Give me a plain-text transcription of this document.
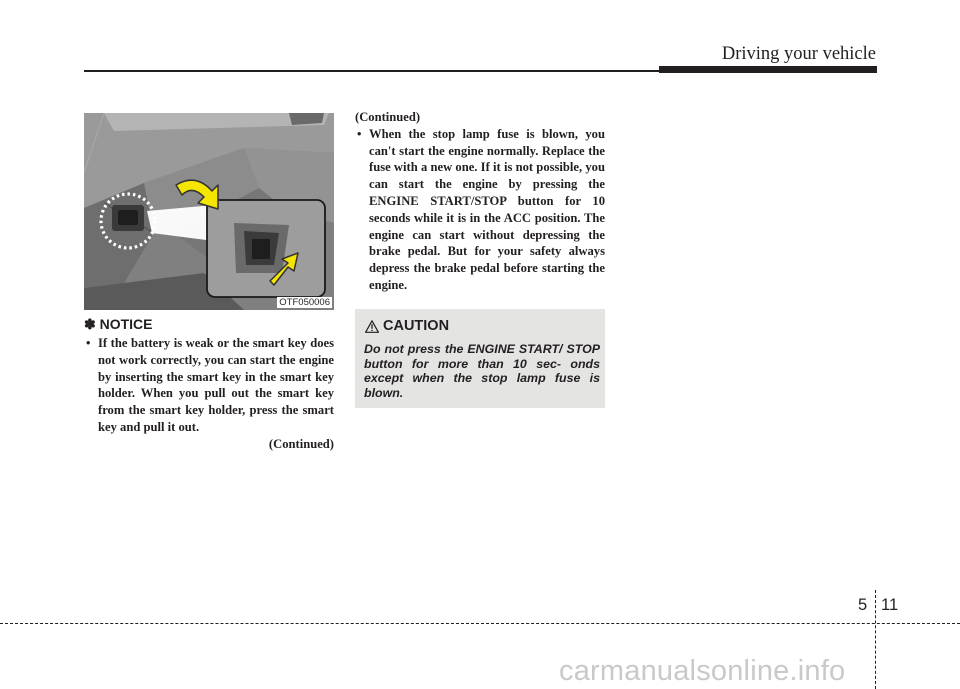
Driving your vehicle
OTF050006
✽ NOTICE
• If the battery is weak or the smart key does not work correctly, you can start the engine by inserting the smart key in the smart key holder. When you pull out the smart key from the smart key holder, press the smart key and pull it out.
(Continued)
(Continued)
• When the stop lamp fuse is blown, you can't start the engine normally. Replace the fuse with a new one. If it is not possible, you can start the engine by pressing the ENGINE START/STOP button for 10 seconds while it is in the ACC position. The engine can start without depressing the brake pedal. But for your safety always depress the brake pedal before starting the engine.
CAUTION
Do not press the ENGINE START/ STOP button for more than 10 sec- onds except when the stop lamp fuse is blown.
5 11
carmanualsonline.info
